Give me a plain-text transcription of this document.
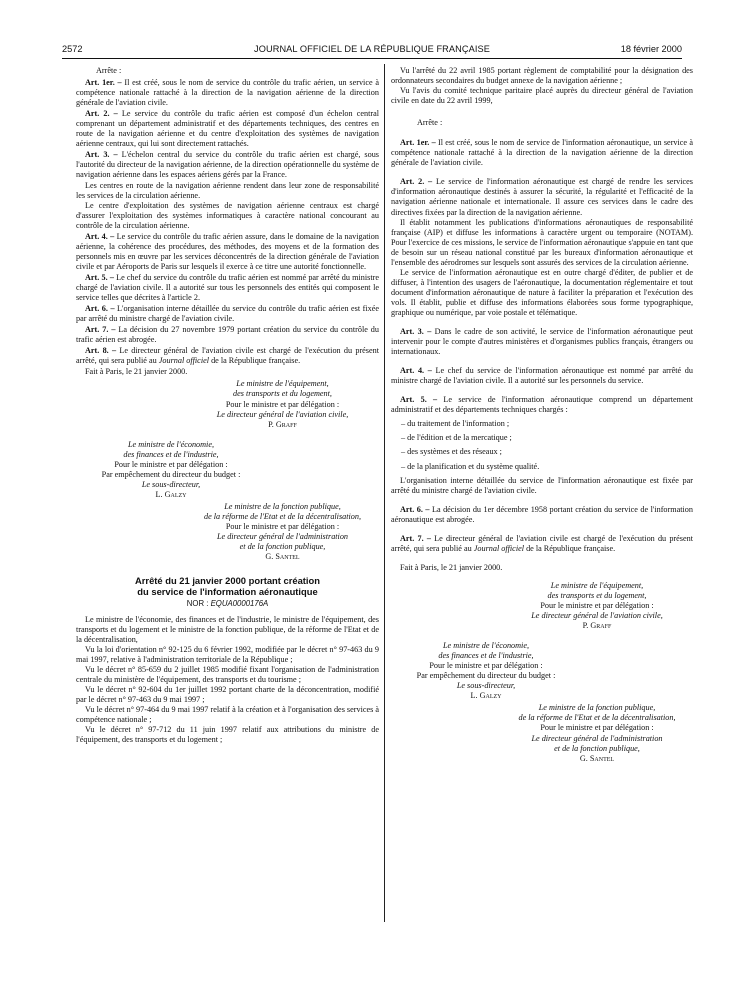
2572	JOURNAL OFFICIEL DE LA RÉPUBLIQUE FRANÇAISE	18 février 2000

Arrête :

Art. 1er. – Il est créé, sous le nom de service du contrôle du trafic aérien, un service à compétence nationale rattaché à la direction de la navigation aérienne de la direction générale de l'aviation civile.

Art. 2. – Le service du contrôle du trafic aérien est composé d'un échelon central comprenant un département administratif et des départements techniques, des centres en route de la navigation aérienne et du centre d'exploitation des systèmes de navigation aérienne centraux, qui lui sont directement rattachés.

Art. 3. – L'échelon central du service du contrôle du trafic aérien est chargé, sous l'autorité du directeur de la navigation aérienne, de la direction opérationnelle du système de navigation aérienne dans les espaces aériens gérés par la France.

Les centres en route de la navigation aérienne rendent dans leur zone de responsabilité les services de la circulation aérienne.

Le centre d'exploitation des systèmes de navigation aérienne centraux est chargé d'assurer l'exploitation des systèmes informatiques à caractère national concourant au contrôle de la circulation aérienne.

Art. 4. – Le service du contrôle du trafic aérien assure, dans le domaine de la navigation aérienne, la cohérence des procédures, des méthodes, des moyens et de la formation des personnels mis en œuvre par les services déconcentrés de la direction générale de l'aviation civile et par Aéroports de Paris sur lesquels il exerce à ce titre une autorité fonctionnelle.

Art. 5. – Le chef du service du contrôle du trafic aérien est nommé par arrêté du ministre chargé de l'aviation civile. Il a autorité sur tous les personnels des entités qui composent le service telles que décrites à l'article 2.

Art. 6. – L'organisation interne détaillée du service du contrôle du trafic aérien est fixée par arrêté du ministre chargé de l'aviation civile.

Art. 7. – La décision du 27 novembre 1979 portant création du service du contrôle du trafic aérien est abrogée.

Art. 8. – Le directeur général de l'aviation civile est chargé de l'exécution du présent arrêté, qui sera publié au Journal officiel de la République française.

Fait à Paris, le 21 janvier 2000.

Le ministre de l'équipement,

des transports et du logement,

Pour le ministre et par délégation :

Le directeur général de l'aviation civile,

P. Graff

Le ministre de l'économie,

des finances et de l'industrie,

Pour le ministre et par délégation :

Par empêchement du directeur du budget :

Le sous-directeur,

L. Galzy

Le ministre de la fonction publique,

de la réforme de l'Etat et de la décentralisation,

Pour le ministre et par délégation :

Le directeur général de l'administration

et de la fonction publique,

G. Santel

Arrêté du 21 janvier 2000 portant création
du service de l'information aéronautique
NOR : EQUA0000176A

Le ministre de l'économie, des finances et de l'industrie, le ministre de l'équipement, des transports et du logement et le ministre de la fonction publique, de la réforme de l'Etat et de la décentralisation,

Vu la loi d'orientation n° 92-125 du 6 février 1992, modifiée par le décret n° 97-463 du 9 mai 1997, relative à l'administration territoriale de la République ;

Vu le décret n° 85-659 du 2 juillet 1985 modifié fixant l'organisation de l'administration centrale du ministère de l'équipement, des transports et du tourisme ;

Vu le décret n° 92-604 du 1er juillet 1992 portant charte de la déconcentration, modifié par le décret n° 97-463 du 9 mai 1997 ;

Vu le décret n° 97-464 du 9 mai 1997 relatif à la création et à l'organisation des services à compétence nationale ;

Vu le décret n° 97-712 du 11 juin 1997 relatif aux attributions du ministre de l'équipement, des transports et du logement ;

Vu l'arrêté du 22 avril 1985 portant règlement de comptabilité pour la désignation des ordonnateurs secondaires du budget annexe de la navigation aérienne ;

Vu l'avis du comité technique paritaire placé auprès du directeur général de l'aviation civile en date du 22 avril 1999,

Arrête :

Art. 1er. – Il est créé, sous le nom de service de l'information aéronautique, un service à compétence nationale rattaché à la direction de la navigation aérienne de la direction générale de l'aviation civile.

Art. 2. – Le service de l'information aéronautique est chargé de rendre les services d'information aéronautique destinés à assurer la sécurité, la régularité et l'efficacité de la navigation aérienne nationale et internationale. Il assure ces services dans le cadre des directives fixées par la direction de la navigation aérienne.

Il établit notamment les publications d'informations aéronautiques de responsabilité française (AIP) et diffuse les informations à caractère urgent ou temporaire (NOTAM). Pour l'exercice de ces missions, le service de l'information aéronautique s'appuie en tant que de besoin sur un réseau national constitué par les bureaux d'information aéronautique et l'ensemble des aérodromes sur lesquels sont assurés des services de la circulation aérienne.

Le service de l'information aéronautique est en outre chargé d'éditer, de publier et de diffuser, à l'intention des usagers de l'aéronautique, la documentation réglementaire et tout document d'information aéronautique de nature à faciliter la préparation et l'exécution des vols. Il établit, publie et diffuse des informations élaborées sous forme typographique, graphique ou numérique, par voie postale et télématique.

Art. 3. – Dans le cadre de son activité, le service de l'information aéronautique peut intervenir pour le compte d'autres ministères et d'organismes publics français, étrangers ou internationaux.

Art. 4. – Le chef du service de l'information aéronautique est nommé par arrêté du ministre chargé de l'aviation civile. Il a autorité sur les personnels du service.

Art. 5. – Le service de l'information aéronautique comprend un département administratif et des départements techniques chargés :

– du traitement de l'information ;
– de l'édition et de la mercatique ;
– des systèmes et des réseaux ;
– de la planification et du système qualité.

L'organisation interne détaillée du service de l'information aéronautique est fixée par arrêté du ministre chargé de l'aviation civile.

Art. 6. – La décision du 1er décembre 1958 portant création du service de l'information aéronautique est abrogée.

Art. 7. – Le directeur général de l'aviation civile est chargé de l'exécution du présent arrêté, qui sera publié au Journal officiel de la République française.

Fait à Paris, le 21 janvier 2000.

Le ministre de l'équipement,

des transports et du logement,

Pour le ministre et par délégation :

Le directeur général de l'aviation civile,

P. Graff

Le ministre de l'économie,

des finances et de l'industrie,

Pour le ministre et par délégation :

Par empêchement du directeur du budget :

Le sous-directeur,

L. Galzy

Le ministre de la fonction publique,

de la réforme de l'Etat et de la décentralisation,

Pour le ministre et par délégation :

Le directeur général de l'administration

et de la fonction publique,

G. Santel
